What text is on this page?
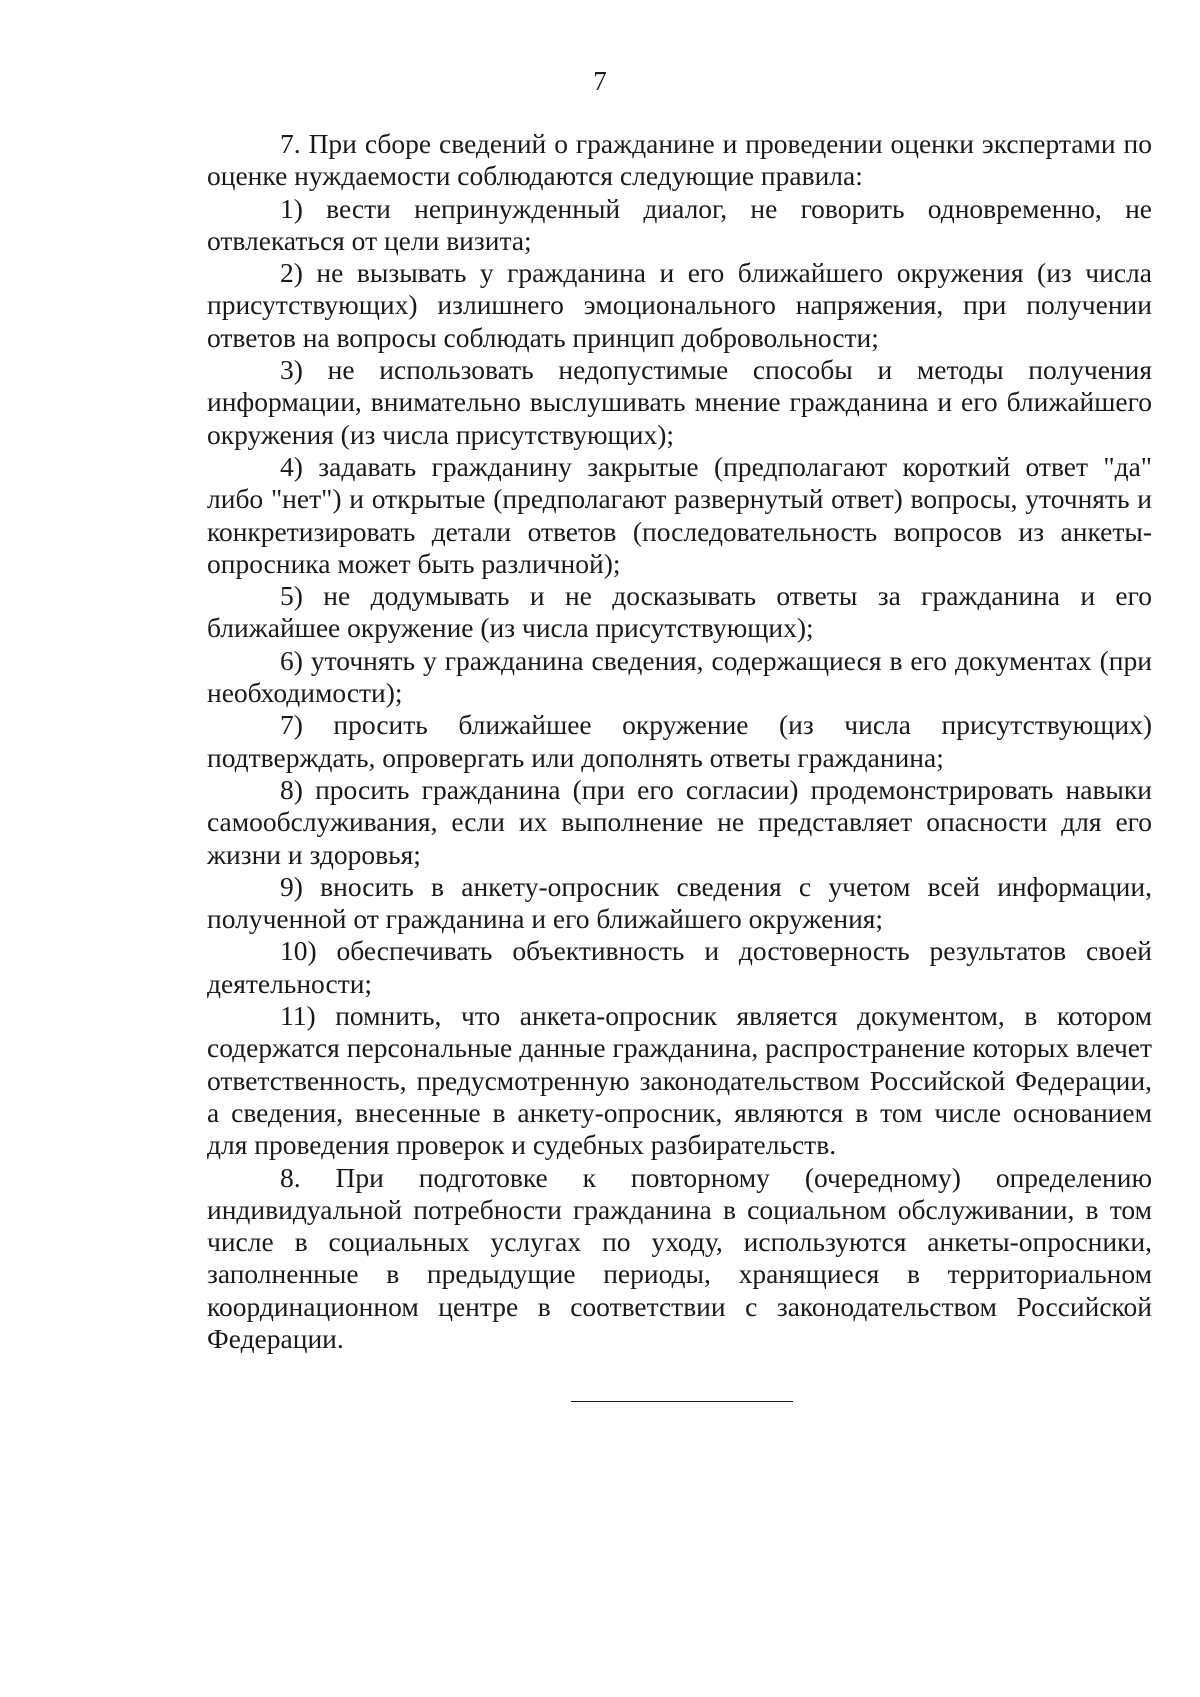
7

7. При сборе сведений о гражданине и проведении оценки экспертами по оценке нуждаемости соблюдаются следующие правила:

1) вести непринужденный диалог, не говорить одновременно, не отвлекаться от цели визита;

2) не вызывать у гражданина и его ближайшего окружения (из числа присутствующих) излишнего эмоционального напряжения, при получении ответов на вопросы соблюдать принцип добровольности;

3) не использовать недопустимые способы и методы получения информации, внимательно выслушивать мнение гражданина и его ближайшего окружения (из числа присутствующих);

4) задавать гражданину закрытые (предполагают короткий ответ "да" либо "нет") и открытые (предполагают развернутый ответ) вопросы, уточнять и конкретизировать детали ответов (последовательность вопросов из анкеты-опросника может быть различной);

5) не додумывать и не досказывать ответы за гражданина и его ближайшее окружение (из числа присутствующих);

6) уточнять у гражданина сведения, содержащиеся в его документах (при необходимости);

7) просить ближайшее окружение (из числа присутствующих) подтверждать, опровергать или дополнять ответы гражданина;

8) просить гражданина (при его согласии) продемонстрировать навыки самообслуживания, если их выполнение не представляет опасности для его жизни и здоровья;

9) вносить в анкету-опросник сведения с учетом всей информации, полученной от гражданина и его ближайшего окружения;

10) обеспечивать объективность и достоверность результатов своей деятельности;

11) помнить, что анкета-опросник является документом, в котором содержатся персональные данные гражданина, распространение которых влечет ответственность, предусмотренную законодательством Российской Федерации, а сведения, внесенные в анкету-опросник, являются в том числе основанием для проведения проверок и судебных разбирательств.

8. При подготовке к повторному (очередному) определению индивидуальной потребности гражданина в социальном обслуживании, в том числе в социальных услугах по уходу, используются анкеты-опросники, заполненные в предыдущие периоды, хранящиеся в территориальном координационном центре в соответствии с законодательством Российской Федерации.
